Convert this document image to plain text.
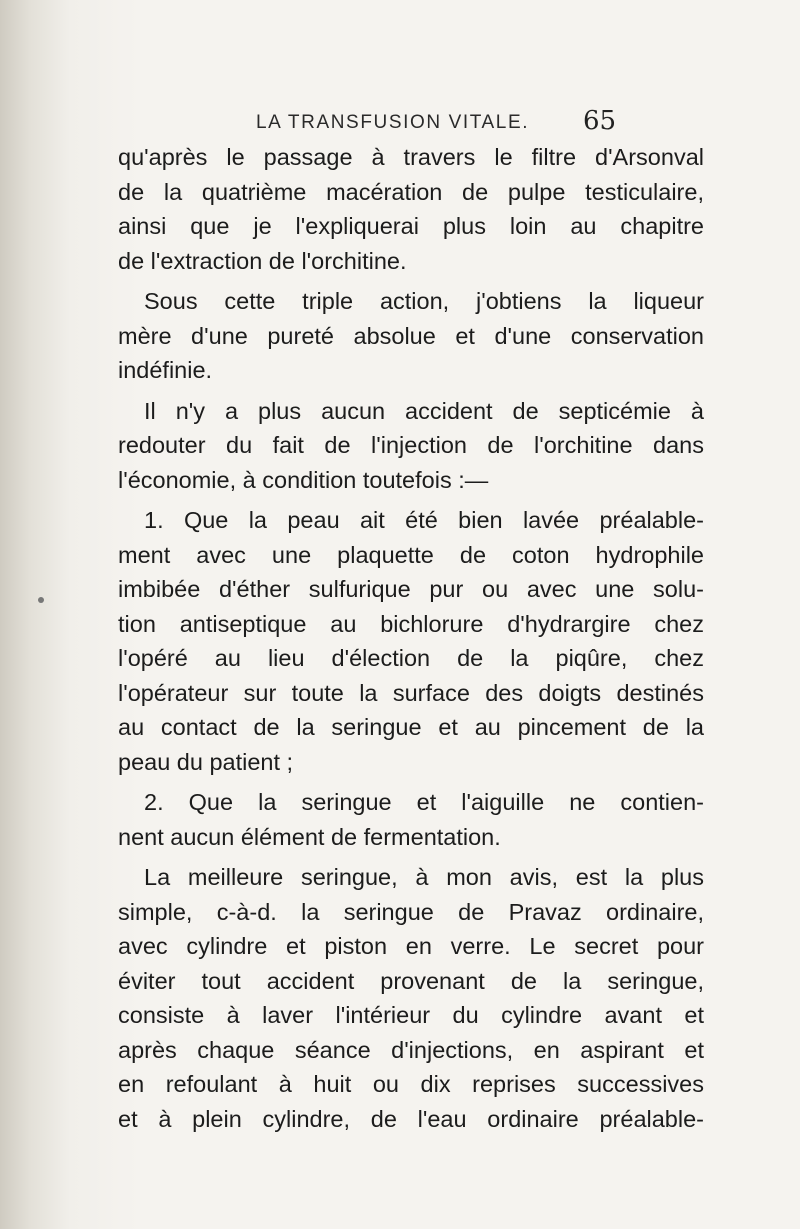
LA TRANSFUSION VITALE.	65
qu'après le passage à travers le filtre d'Arsonval
de la quatrième macération de pulpe testiculaire,
ainsi que je l'expliquerai plus loin au chapitre
de l'extraction de l'orchitine.
Sous cette triple action, j'obtiens la liqueur
mère d'une pureté absolue et d'une conservation
indéfinie.
Il n'y a plus aucun accident de septicémie à
redouter du fait de l'injection de l'orchitine dans
l'économie, à condition toutefois :—
1. Que la peau ait été bien lavée préalable-
ment avec une plaquette de coton hydrophile
imbibée d'éther sulfurique pur ou avec une solu-
tion antiseptique au bichlorure d'hydrargire chez
l'opéré au lieu d'élection de la piqûre, chez
l'opérateur sur toute la surface des doigts destinés
au contact de la seringue et au pincement de la
peau du patient ;
2. Que la seringue et l'aiguille ne contien-
nent aucun élément de fermentation.
La meilleure seringue, à mon avis, est la plus
simple, c-à-d. la seringue de Pravaz ordinaire,
avec cylindre et piston en verre. Le secret pour
éviter tout accident provenant de la seringue,
consiste à laver l'intérieur du cylindre avant et
après chaque séance d'injections, en aspirant et
en refoulant à huit ou dix reprises successives
et à plein cylindre, de l'eau ordinaire préalable-
